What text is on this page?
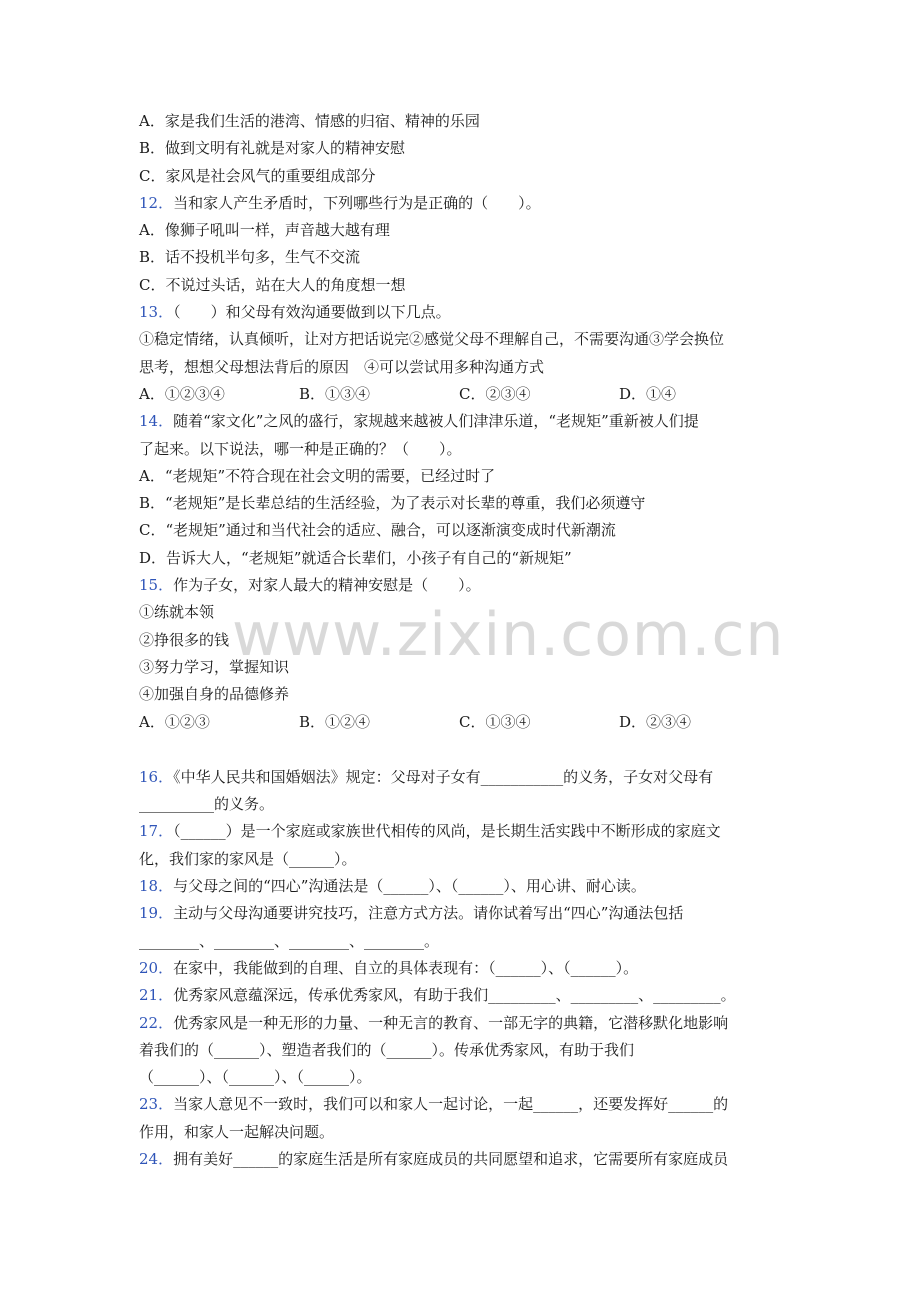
A．家是我们生活的港湾、情感的归宿、精神的乐园
B．做到文明有礼就是对家人的精神安慰
C．家风是社会风气的重要组成部分
12．当和家人产生矛盾时，下列哪些行为是正确的（　　）。
A．像狮子吼叫一样，声音越大越有理
B．话不投机半句多，生气不交流
C．不说过头话，站在大人的角度想一想
13．（　　）和父母有效沟通要做到以下几点。
①稳定情绪，认真倾听，让对方把话说完②感觉父母不理解自己，不需要沟通③学会换位
思考，想想父母想法背后的原因　④可以尝试用多种沟通方式
A．①②③④	B．①③④	C．②③④	D．①④
14．随着“家文化”之风的盛行，家规越来越被人们津津乐道，“老规矩”重新被人们提
了起来。以下说法，哪一种是正确的？（　　）。
A．“老规矩”不符合现在社会文明的需要，已经过时了
B．“老规矩”是长辈总结的生活经验，为了表示对长辈的尊重，我们必须遵守
C．“老规矩”通过和当代社会的适应、融合，可以逐渐演变成时代新潮流
D．告诉大人，“老规矩”就适合长辈们，小孩子有自己的“新规矩”
15．作为子女，对家人最大的精神安慰是（　　）。
①练就本领
②挣很多的钱
③努力学习，掌握知识
④加强自身的品德修养
A．①②③	B．①②④	C．①③④	D．②③④
16．《中华人民共和国婚姻法》规定：父母对子女有___________的义务，子女对父母有
__________的义务。
17．（______）是一个家庭或家族世代相传的风尚，是长期生活实践中不断形成的家庭文
化，我们家的家风是（______）。
18．与父母之间的“四心”沟通法是（______）、（______）、用心讲、耐心读。
19．主动与父母沟通要讲究技巧，注意方式方法。请你试着写出“四心”沟通法包括
________、________、________、________。
20．在家中，我能做到的自理、自立的具体表现有：（______）、（______）。
21．优秀家风意蕴深远，传承优秀家风，有助于我们_________、_________、_________。
22．优秀家风是一种无形的力量、一种无言的教育、一部无字的典籍，它潜移默化地影响
着我们的（______）、塑造者我们的（______）。传承优秀家风，有助于我们
（______）、（______）、（______）。
23．当家人意见不一致时，我们可以和家人一起讨论，一起______，还要发挥好______的
作用，和家人一起解决问题。
24．拥有美好______的家庭生活是所有家庭成员的共同愿望和追求，它需要所有家庭成员
www.zixin.com.cn
